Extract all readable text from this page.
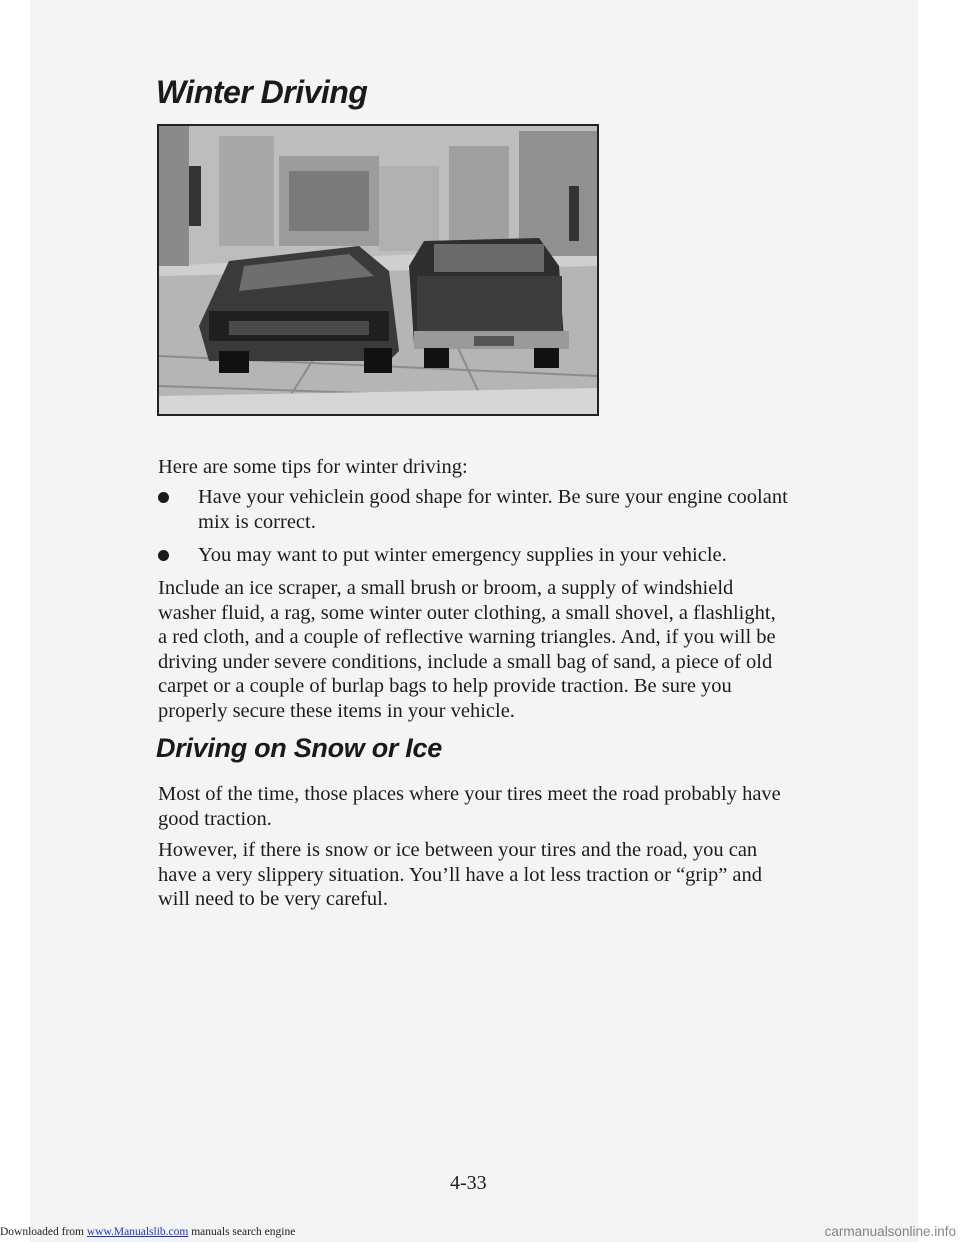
Winter Driving

Here are some tips for winter driving:

Have your vehiclein good shape for winter. Be sure your engine coolant
mix is correct.
You may want to put winter emergency supplies in your vehicle.
Include an ice scraper, a small brush or broom, a supply of windshield
washer fluid, a rag, some winter outer clothing, a small shovel, a flashlight,
a red cloth, and a couple of reflective warning triangles. And, if you will be
driving under severe conditions, include a small bag of sand, a piece of old
carpet or a couple of burlap bags to help provide traction. Be sure you
properly secure these items in your vehicle.
Driving on Snow or Ice
Most of the time, those places where your tires meet the road probably have
good traction.
However, if there is snow or ice between your tires and the road, you can
have a very slippery situation. You’ll have a lot less traction or “grip” and
will need to be very careful.
4-33
Downloaded from www.Manualslib.com manuals search engine	carmanualsonline.info
